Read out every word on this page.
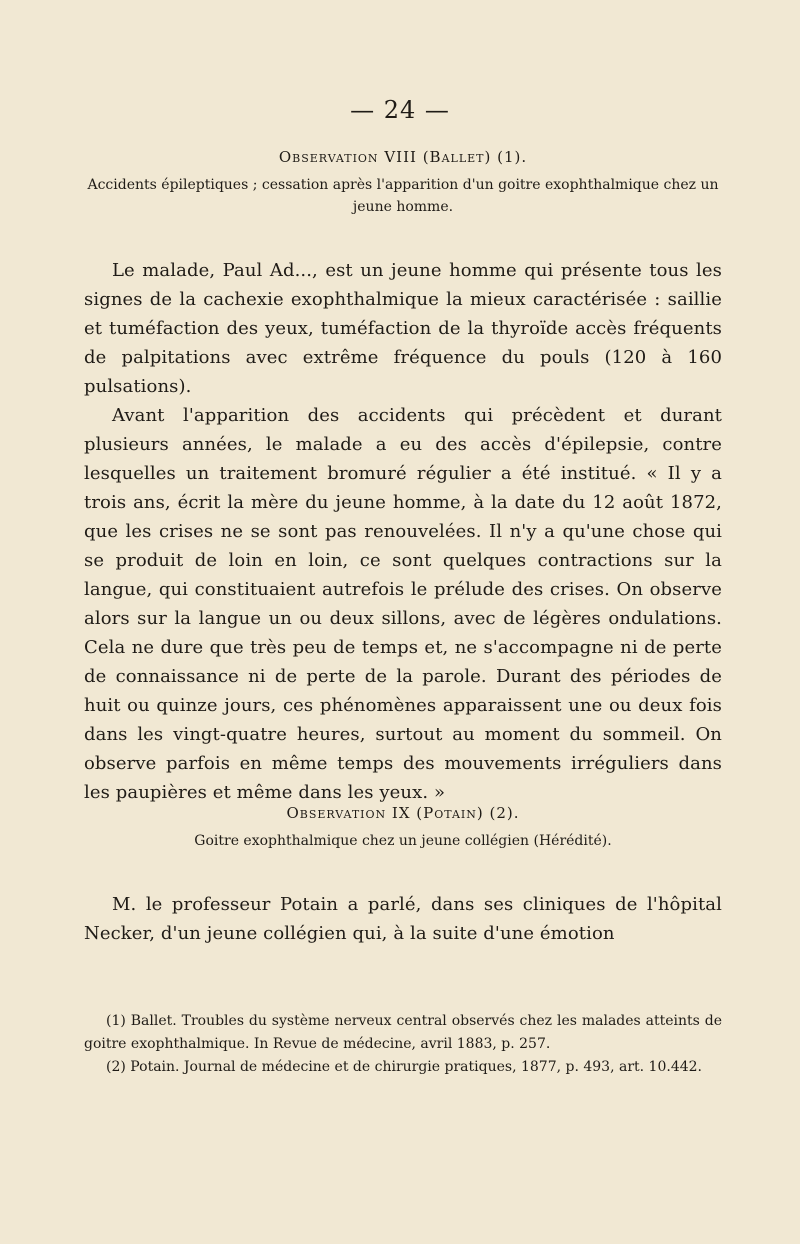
— 24 —
Observation VIII (Ballet) (1).
Accidents épileptiques ; cessation après l'apparition d'un goitre exophthalmique chez un jeune homme.

Le malade, Paul Ad..., est un jeune homme qui présente tous les signes de la cachexie exophthalmique la mieux caractérisée : saillie et tuméfaction des yeux, tuméfaction de la thyroïde accès fréquents de palpitations avec extrême fréquence du pouls (120 à 160 pulsations).

Avant l'apparition des accidents qui précèdent et durant plusieurs années, le malade a eu des accès d'épilepsie, contre lesquelles un traitement bromuré régulier a été institué. « Il y a trois ans, écrit la mère du jeune homme, à la date du 12 août 1872, que les crises ne se sont pas renouvelées. Il n'y a qu'une chose qui se produit de loin en loin, ce sont quelques contractions sur la langue, qui constituaient autrefois le prélude des crises. On observe alors sur la langue un ou deux sillons, avec de légères ondulations. Cela ne dure que très peu de temps et, ne s'accompagne ni de perte de connaissance ni de perte de la parole. Durant des périodes de huit ou quinze jours, ces phénomènes apparaissent une ou deux fois dans les vingt-quatre heures, surtout au moment du sommeil. On observe parfois en même temps des mouvements irréguliers dans les paupières et même dans les yeux. »

Observation IX (Potain) (2).
Goitre exophthalmique chez un jeune collégien (Hérédité).

M. le professeur Potain a parlé, dans ses cliniques de l'hôpital Necker, d'un jeune collégien qui, à la suite d'une émotion

(1) Ballet. Troubles du système nerveux central observés chez les malades atteints de goitre exophthalmique. In Revue de médecine, avril 1883, p. 257.

(2) Potain. Journal de médecine et de chirurgie pratiques, 1877, p. 493, art. 10.442.
